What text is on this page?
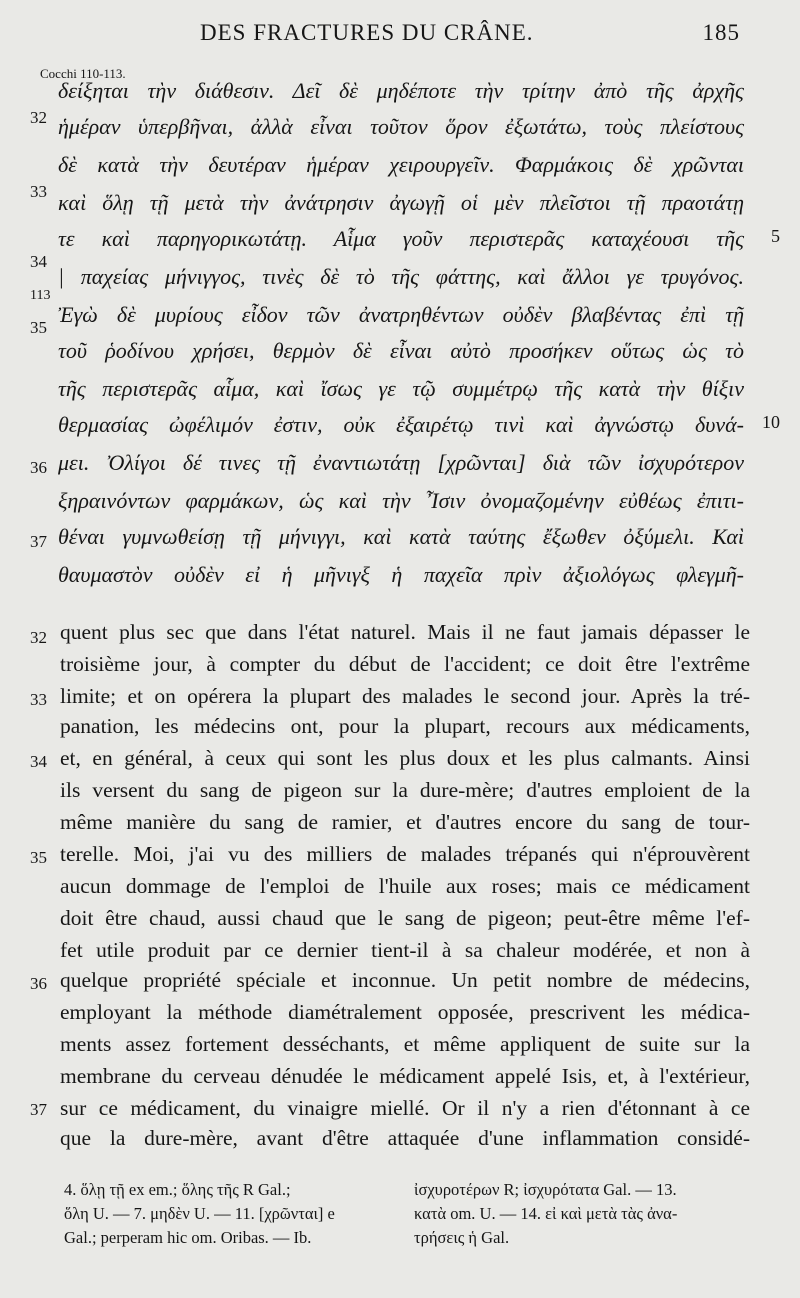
DES FRACTURES DU CRÂNE.	185
Cocchi 110-113.
δείξηται τὴν διάθεσιν. Δεῖ δὲ μηδέποτε τὴν τρίτην ἀπὸ τῆς ἀρχῆς
ἡμέραν ὑπερβῆναι, ἀλλὰ εἶναι τοῦτον ὅρον ἐξωτάτω, τοὺς πλείστους
δὲ κατὰ τὴν δευτέραν ἡμέραν χειρουργεῖν. Φαρμάκοις δὲ χρῶνται
καὶ ὅλῃ τῇ μετὰ τὴν ἀνάτρησιν ἀγωγῇ οἱ μὲν πλεῖστοι τῇ πραοτάτῃ
τε καὶ παρηγορικωτάτῃ. Αἷμα γοῦν περιστερᾶς καταχέουσι τῆς
| παχείας μήνιγγος, τινὲς δὲ τὸ τῆς φάττης, καὶ ἄλλοι γε τρυγόνος.
Ἐγὼ δὲ μυρίους εἶδον τῶν ἀνατρηθέντων οὐδὲν βλαβέντας ἐπὶ τῇ
τοῦ ῥοδίνου χρήσει, θερμὸν δὲ εἶναι αὐτὸ προσήκεν οὕτως ὡς τὸ
τῆς περιστερᾶς αἷμα, καὶ ἴσως γε τῷ συμμέτρῳ τῆς κατὰ τὴν θίξιν
θερμασίας ὠφέλιμόν ἐστιν, οὐκ ἐξαιρέτῳ τινὶ καὶ ἀγνώστῳ δυνά-
μει. Ὀλίγοι δέ τινες τῇ ἐναντιωτάτῃ [χρῶνται] διὰ τῶν ἰσχυρότερον
ξηραινόντων φαρμάκων, ὡς καὶ τὴν Ἶσιν ὀνομαζομένην εὐθέως ἐπιτι-
θέναι γυμνωθείσῃ τῇ μήνιγγι, καὶ κατὰ ταύτης ἔξωθεν ὀξύμελι. Καὶ
θαυμαστὸν οὐδὲν εἰ ἡ μῆνιγξ ἡ παχεῖα πρὶν ἀξιολόγως φλεγμῆ-
32
33
34
113
35
36
37
5
10
quent plus sec que dans l'état naturel. Mais il ne faut jamais dépasser le
troisième jour, à compter du début de l'accident; ce doit être l'extrême
limite; et on opérera la plupart des malades le second jour. Après la tré-
panation, les médecins ont, pour la plupart, recours aux médicaments,
et, en général, à ceux qui sont les plus doux et les plus calmants. Ainsi
ils versent du sang de pigeon sur la dure-mère; d'autres emploient de la
même manière du sang de ramier, et d'autres encore du sang de tour-
terelle. Moi, j'ai vu des milliers de malades trépanés qui n'éprouvèrent
aucun dommage de l'emploi de l'huile aux roses; mais ce médicament
doit être chaud, aussi chaud que le sang de pigeon; peut-être même l'ef-
fet utile produit par ce dernier tient-il à sa chaleur modérée, et non à
quelque propriété spéciale et inconnue. Un petit nombre de médecins,
employant la méthode diamétralement opposée, prescrivent les médica-
ments assez fortement desséchants, et même appliquent de suite sur la
membrane du cerveau dénudée le médicament appelé Isis, et, à l'extérieur,
sur ce médicament, du vinaigre miellé. Or il n'y a rien d'étonnant à ce
que la dure-mère, avant d'être attaquée d'une inflammation considé-
32
33
34
35
36
37
4. ὅλῃ τῇ ex em.; ὅλης τῆς R Gal.;
ὅλη U. — 7. μηδὲν U. — 11. [χρῶνται] e
Gal.; perperam hic om. Oribas. — Ib.
ἰσχυροτέρων R; ἰσχυρότατα Gal. — 13.
κατὰ om. U. — 14. εἰ καὶ μετὰ τὰς ἀνα-
τρήσεις ἡ Gal.
